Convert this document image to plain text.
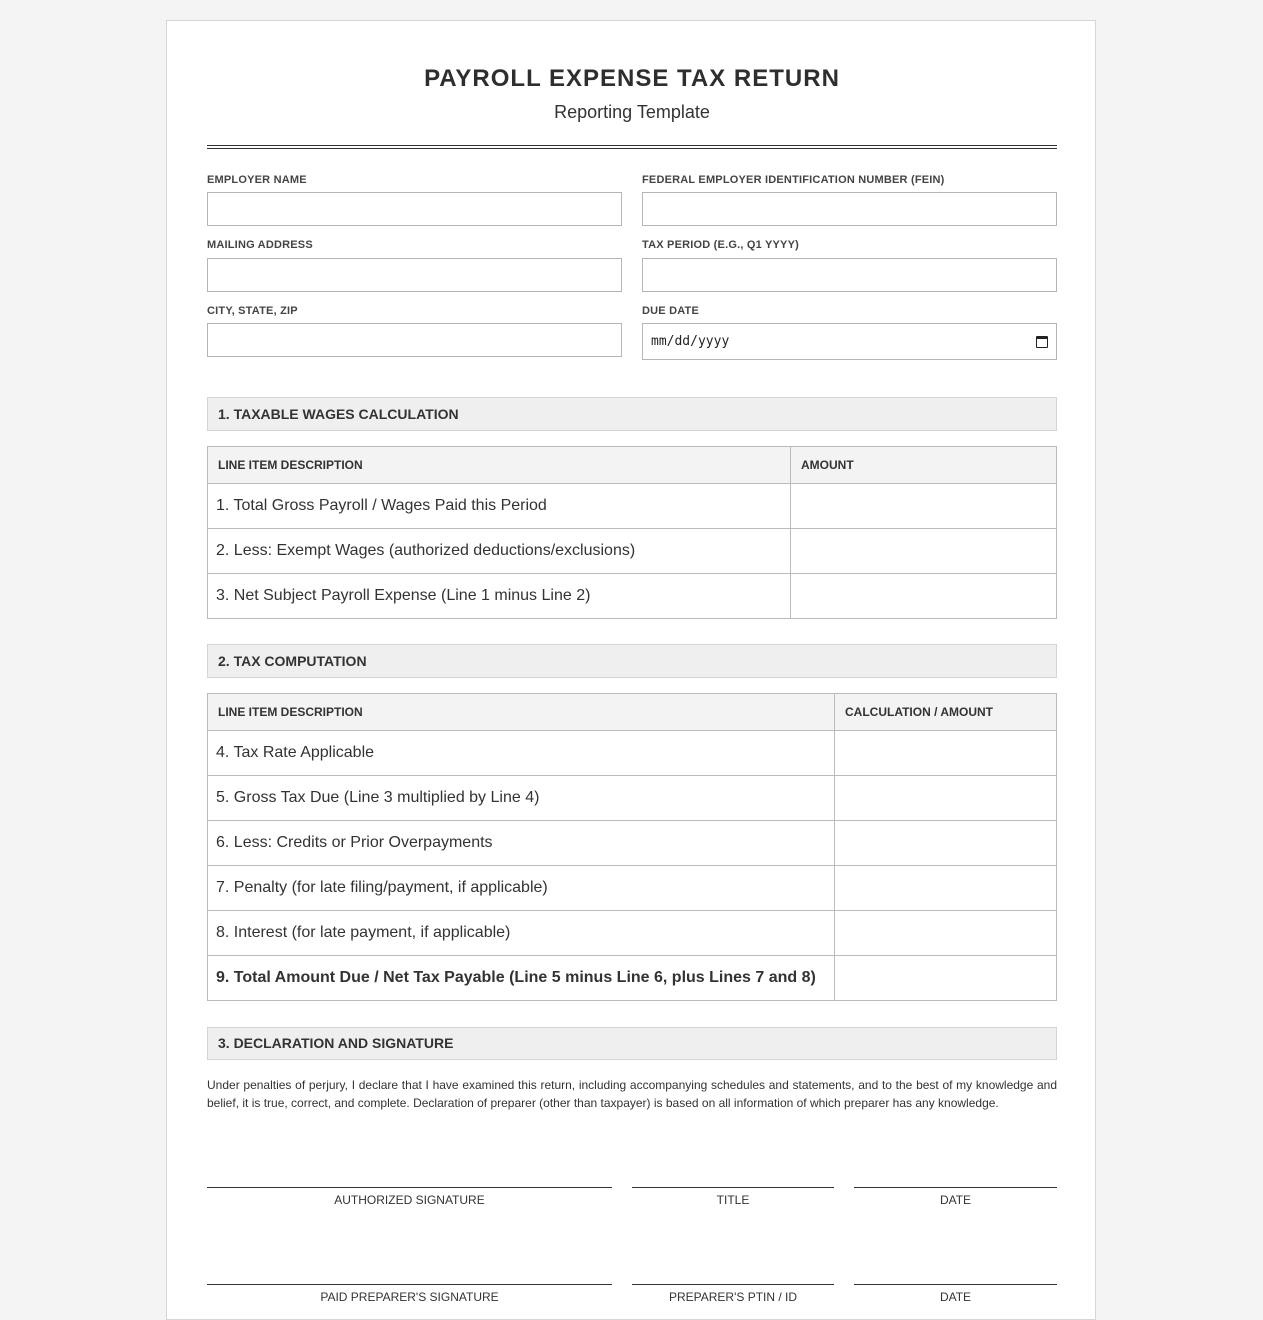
PAYROLL EXPENSE TAX RETURN
Reporting Template
EMPLOYER NAME	FEDERAL EMPLOYER IDENTIFICATION NUMBER (FEIN)
MAILING ADDRESS	TAX PERIOD (E.G., Q1 YYYY)
CITY, STATE, ZIP	DUE DATE
mm/dd/yyyy
1. TAXABLE WAGES CALCULATION
LINE ITEM DESCRIPTION	AMOUNT
1. Total Gross Payroll / Wages Paid this Period	
2. Less: Exempt Wages (authorized deductions/exclusions)	
3. Net Subject Payroll Expense (Line 1 minus Line 2)	
2. TAX COMPUTATION
LINE ITEM DESCRIPTION	CALCULATION / AMOUNT
4. Tax Rate Applicable	
5. Gross Tax Due (Line 3 multiplied by Line 4)	
6. Less: Credits or Prior Overpayments	
7. Penalty (for late filing/payment, if applicable)	
8. Interest (for late payment, if applicable)	
9. Total Amount Due / Net Tax Payable (Line 5 minus Line 6, plus Lines 7 and 8)	
3. DECLARATION AND SIGNATURE
Under penalties of perjury, I declare that I have examined this return, including accompanying schedules and statements, and to the best of my knowledge and belief, it is true, correct, and complete. Declaration of preparer (other than taxpayer) is based on all information of which preparer has any knowledge.
AUTHORIZED SIGNATURE	TITLE	DATE
PAID PREPARER'S SIGNATURE	PREPARER'S PTIN / ID	DATE
